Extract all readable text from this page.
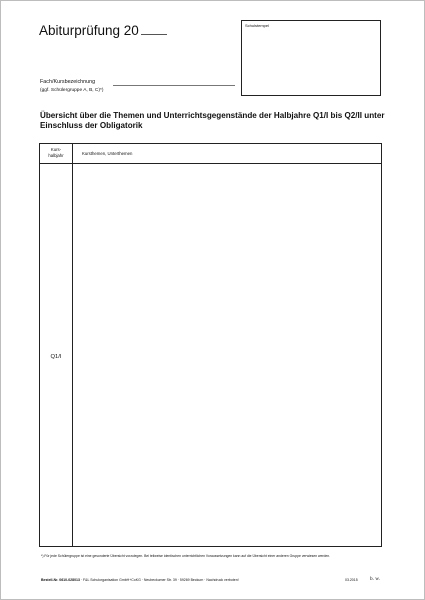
Abiturprüfung 20	Schulstempel
Fach/Kursbezeichnung
(ggf. Schülergruppe A, B, C)*)
Übersicht über die Themen und Unterrichtsgegenstände der Halbjahre Q1/I bis Q2/II unter Einschluss der Obligatorik
Kurs-
halbjahr	Kursthemen, Unterthemen
Q1/I
*) Für jede Schülergruppe ist eine gesonderte Übersicht vorzulegen. Bei teilweise identischen unterrichtlichen Voraussetzungen kann auf die Übersicht einer anderen Gruppe verwiesen werden.
Bestell-Nr. 0610-028013 · F&L Schulorganisation GmbH+CoKG · Neubeckumer Str. 39 · 59269 Beckum · Nachdruck verboten!	03.2015 b. w.
